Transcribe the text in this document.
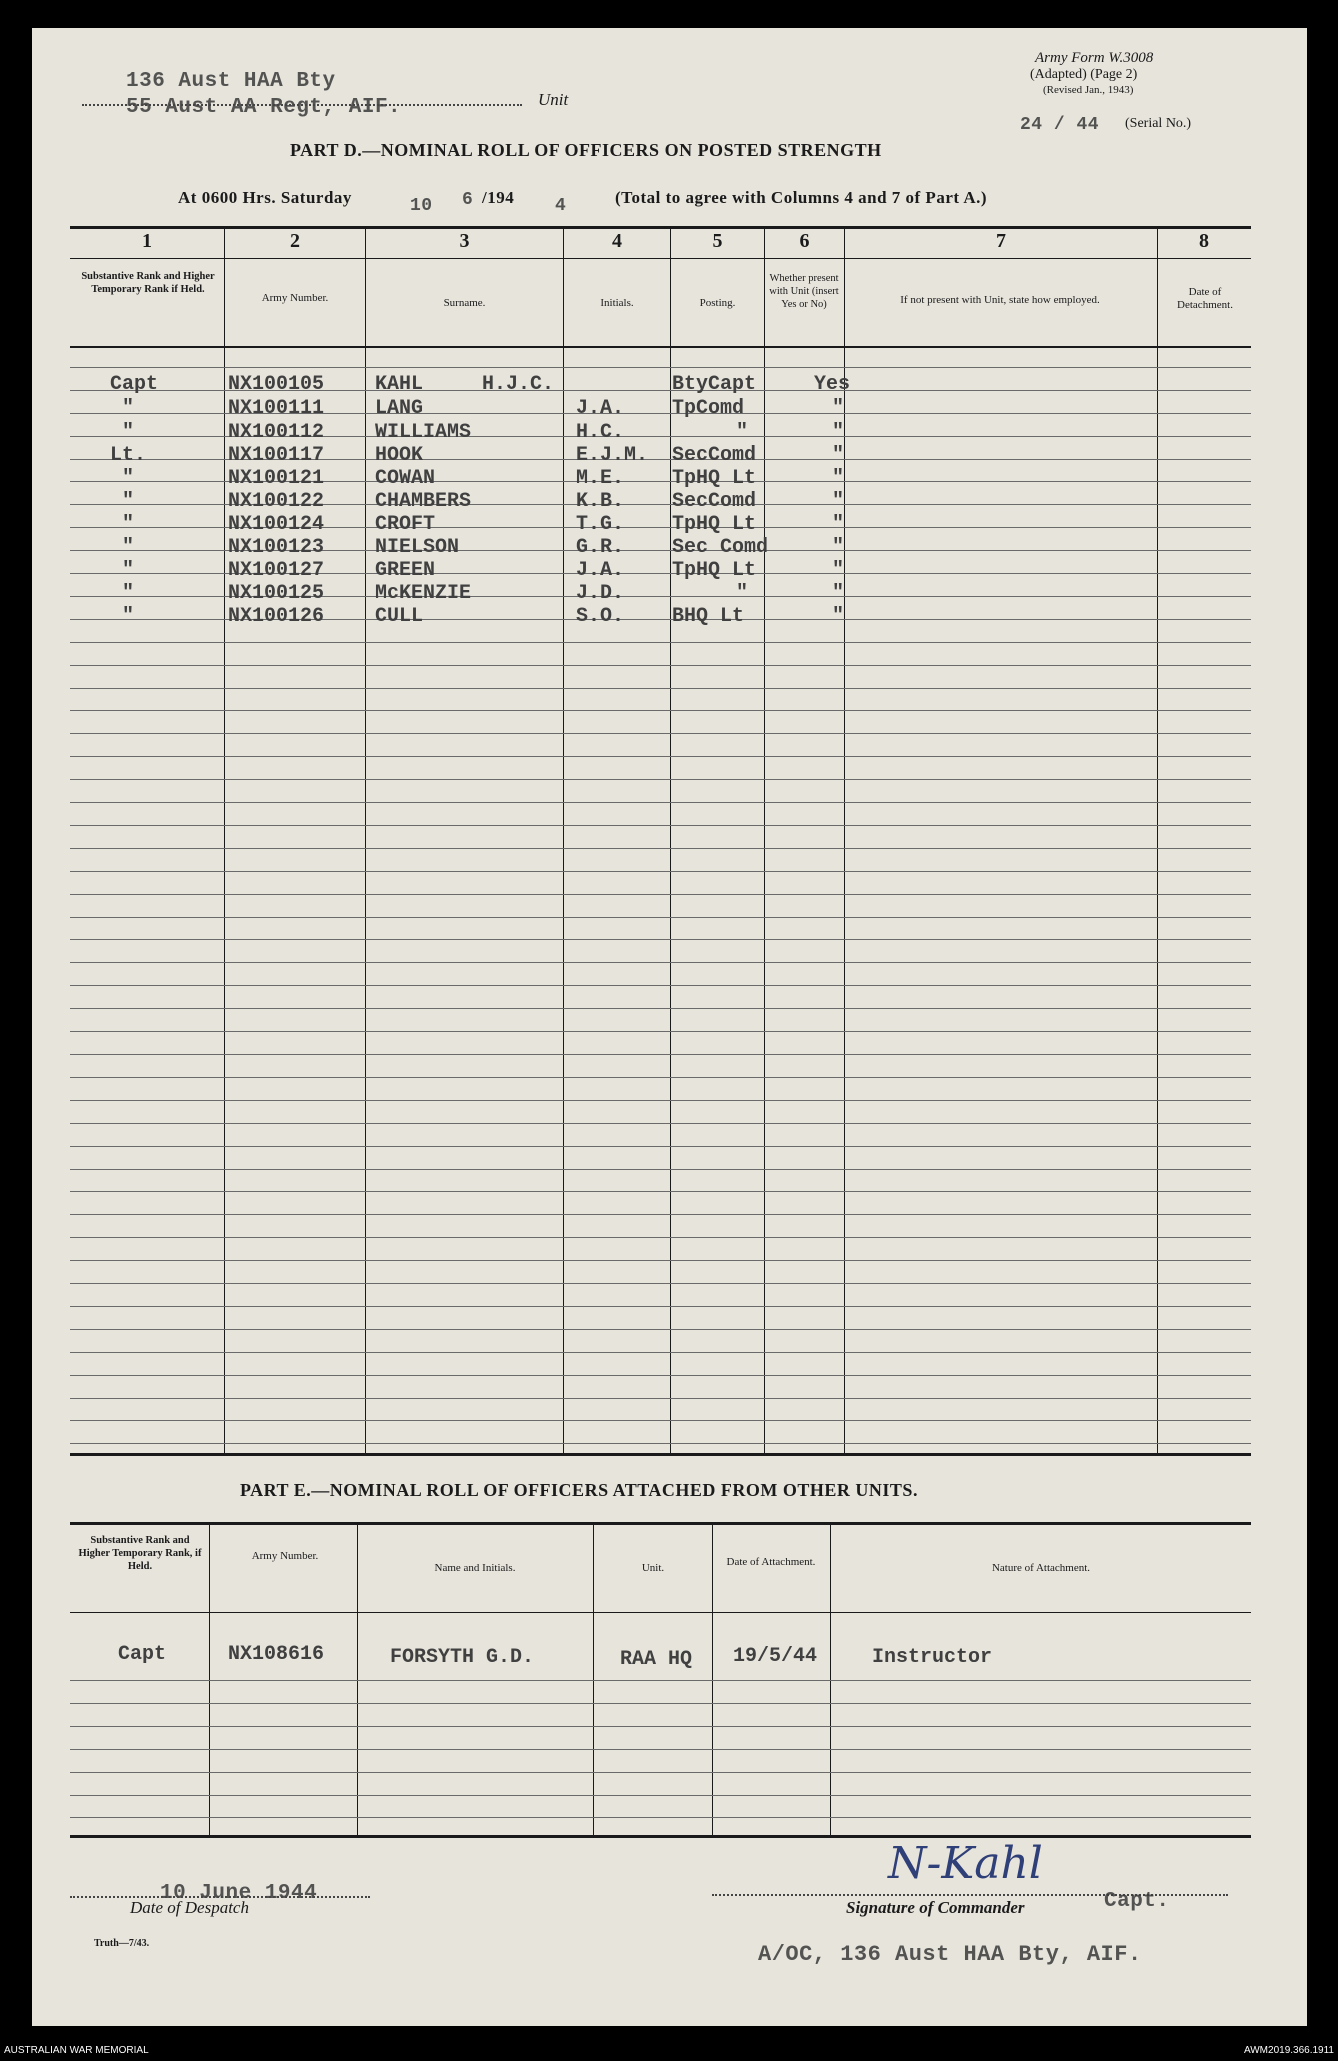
Army Form W.3008
(Adapted) (Page 2)
(Revised Jan., 1943)
136 Aust HAA Bty
55 Aust AA Regt, AIF.	Unit
24 / 44 (Serial No.)
PART D.—NOMINAL ROLL OF OFFICERS ON POSTED STRENGTH
At 0600 Hrs. Saturday	10 6 /194 4	(Total to agree with Columns 4 and 7 of Part A.)
1	2	3	4	5	6	7	8
Substantive Rank and Higher Temporary Rank if Held.
Army Number.	Surname.	Initials.	Posting.
Whether present with Unit (insert Yes or No)	If not present with Unit, state how employed.
Date of Detachment.
Capt	NX100105	KAHL	H.J.C.	BtyCapt	Yes
"	NX100111	LANG	J.A. TpComd	"
"	NX100112	WILLIAMS	H.C.	"	"
Lt.	NX100117	HOOK	E.J.M. SecComd	"
"	NX100121	COWAN	M.E. TpHQ Lt	"
"	NX100122	CHAMBERS	K.B. SecComd	"
"	NX100124	CROFT	T.G. TpHQ Lt	"
"	NX100123	NIELSON	G.R. Sec Comd	"
"	NX100127	GREEN	J.A. TpHQ Lt	"
"	NX100125	McKENZIE	J.D.	"	"
"	NX100126	CULL	S.O. BHQ Lt	"
PART E.—NOMINAL ROLL OF OFFICERS ATTACHED FROM OTHER UNITS.
Substantive Rank and Higher Temporary Rank, if Held.
Army Number.
Name and Initials.	Unit.	Date of Attachment.	Nature of Attachment.
Capt	NX108616	FORSYTH G.D.	RAA HQ 19/5/44	Instructor
10 June 1944
Date of Despatch
N-Kahl
Signature of Commander	Capt.
A/OC, 136 Aust HAA Bty, AIF.
Truth—7/43.
AUSTRALIAN WAR MEMORIAL	AWM2019.366.1911
